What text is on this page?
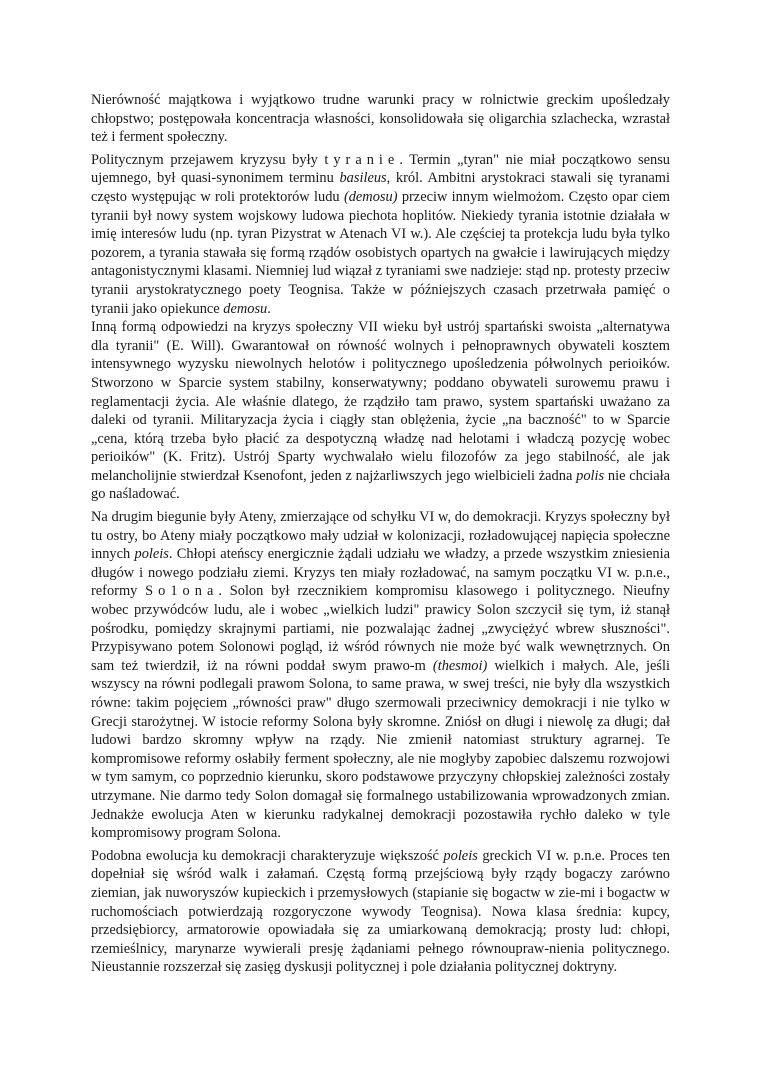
Nierówność majątkowa i wyjątkowo trudne warunki pracy w rolnictwie greckim upośledzały chłopstwo; postępowała koncentracja własności, konsolidowała się oligarchia szlachecka, wzrastał też i ferment społeczny.

Politycznym przejawem kryzysu były tyranie. Termin „tyran" nie miał początkowo sensu ujemnego, był quasi-synonimem terminu basileus, król. Ambitni arystokraci stawali się tyranami często występując w roli protektorów ludu (demosu) przeciw innym wielmożom. Często opar ciem tyranii był nowy system wojskowy ludowa piechota hoplitów. Niekiedy tyrania istotnie działała w imię interesów ludu (np. tyran Pizystrat w Atenach VI w.). Ale częściej ta protekcja ludu była tylko pozorem, a tyrania stawała się formą rządów osobistych opartych na gwałcie i lawirujących między antagonistycznymi klasami. Niemniej lud wiązał z tyraniami swe nadzieje: stąd np. protesty przeciw tyranii arystokratycznego poety Teognisa. Także w późniejszych czasach przetrwała pamięć o tyranii jako opiekunce demosu.

Inną formą odpowiedzi na kryzys społeczny VII wieku był ustrój spartański swoista „alternatywa dla tyranii" (E. Will). Gwarantował on równość wolnych i pełnoprawnych obywateli kosztem intensywnego wyzysku niewolnych helotów i politycznego upośledzenia półwolnych perioików. Stworzono w Sparcie system stabilny, konserwatywny; poddano obywateli surowemu prawu i reglamentacji życia. Ale właśnie dlatego, że rządziło tam prawo, system spartański uważano za daleki od tyranii. Militaryzacja życia i ciągły stan oblężenia, życie „na baczność" to w Sparcie „cena, którą trzeba było płacić za despotyczną władzę nad helotami i władczą pozycję wobec perioików" (K. Fritz). Ustrój Sparty wychwalało wielu filozofów za jego stabilność, ale jak melancholijnie stwierdzał Ksenofont, jeden z najżarliwszych jego wielbicieli żadna polis nie chciała go naśladować.

Na drugim biegunie były Ateny, zmierzające od schyłku VI w, do demokracji. Kryzys społeczny był tu ostry, bo Ateny miały początkowo mały udział w kolonizacji, rozładowującej napięcia społeczne innych poleis. Chłopi ateńscy energicznie żądali udziału we władzy, a przede wszystkim zniesienia długów i nowego podziału ziemi. Kryzys ten miały rozładować, na samym początku VI w. p.n.e., reformy So1ona. Solon był rzecznikiem kompromisu klasowego i politycznego. Nieufny wobec przywódców ludu, ale i wobec „wielkich ludzi" prawicy Solon szczycił się tym, iż stanął pośrodku, pomiędzy skrajnymi partiami, nie pozwalając żadnej „zwyciężyć wbrew słuszności". Przypisywano potem Solonowi pogląd, iż wśród równych nie może być walk wewnętrznych. On sam też twierdził, iż na równi poddał swym prawo-m (thesmoi) wielkich i małych. Ale, jeśli wszyscy na równi podlegali prawom Solona, to same prawa, w swej treści, nie były dla wszystkich równe: takim pojęciem „równości praw" długo szermowali przeciwnicy demokracji i nie tylko w Grecji starożytnej. W istocie reformy Solona były skromne. Zniósł on długi i niewolę za długi; dał ludowi bardzo skromny wpływ na rządy. Nie zmienił natomiast struktury agrarnej. Te kompromisowe reformy osłabiły ferment społeczny, ale nie mogłyby zapobiec dalszemu rozwojowi w tym samym, co poprzednio kierunku, skoro podstawowe przyczyny chłopskiej zależności zostały utrzymane. Nie darmo tedy Solon domagał się formalnego ustabilizowania wprowadzonych zmian. Jednakże ewolucja Aten w kierunku radykalnej demokracji pozostawiła rychło daleko w tyle kompromisowy program Solona.

Podobna ewolucja ku demokracji charakteryzuje większość poleis greckich VI w. p.n.e. Proces ten dopełniał się wśród walk i załamań. Częstą formą przejściową były rządy bogaczy zarówno ziemian, jak nuworyszów kupieckich i przemysłowych (stapianie się bogactw w zie-mi i bogactw w ruchomościach potwierdzają rozgoryczone wywody Teognisa). Nowa klasa średnia: kupcy, przedsiębiorcy, armatorowie opowiadała się za umiarkowaną demokracją; prosty lud: chłopi, rzemieślnicy, marynarze wywierali presję żądaniami pełnego równoupraw-nienia politycznego. Nieustannie rozszerzał się zasięg dyskusji politycznej i pole działania politycznej doktryny.
